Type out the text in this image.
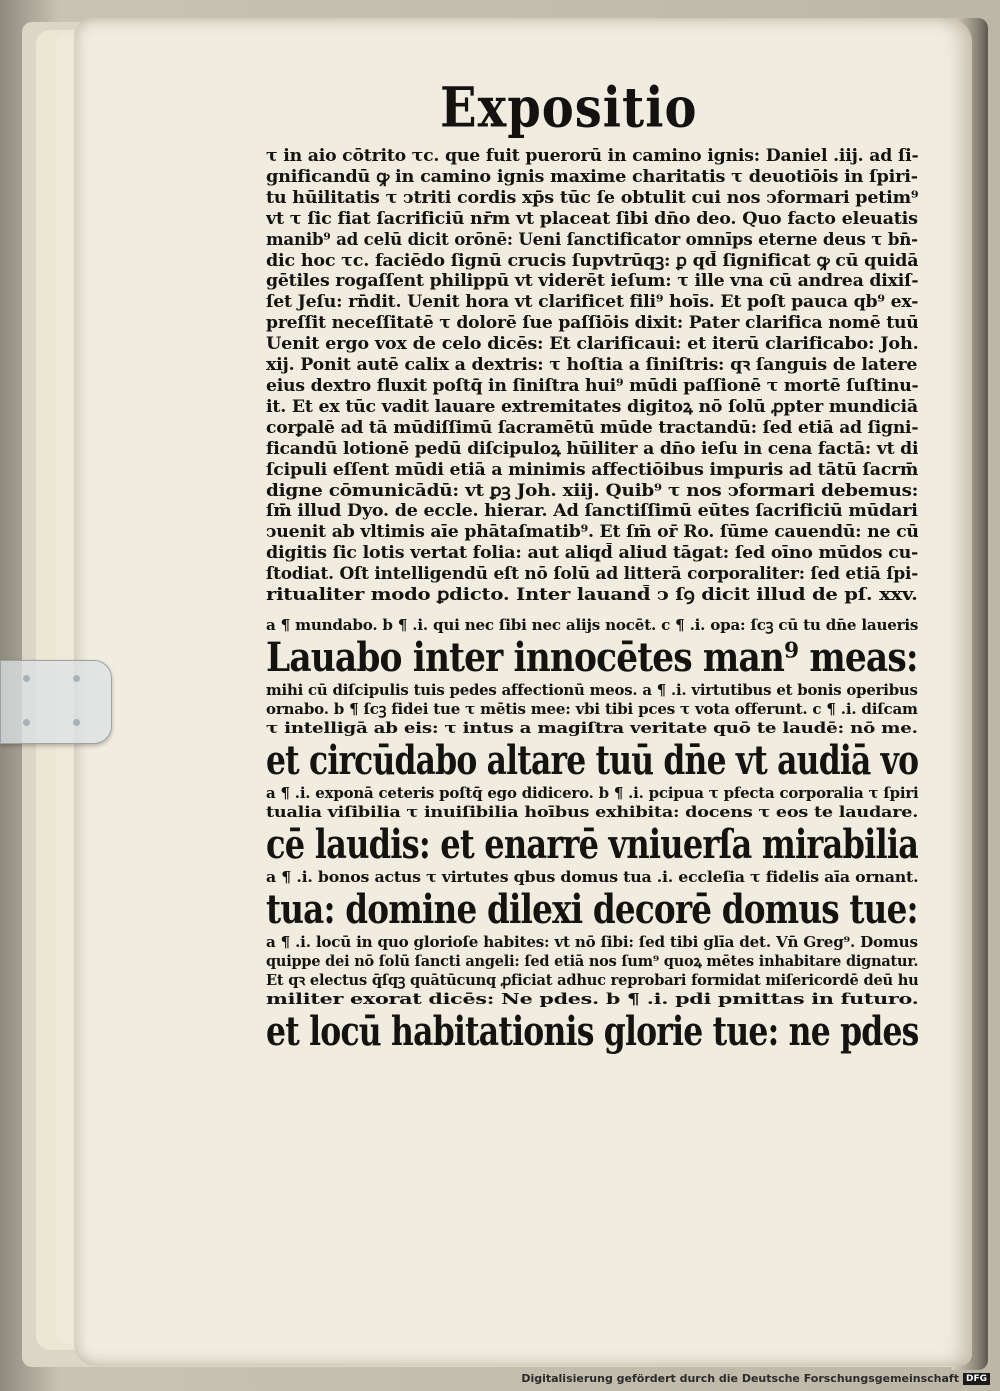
Expositio
τ in aio cōtrito τc. que fuit puerorū in camino ignis: Daniel .iij. ad ſi-
gnificandū ꝙ in camino ignis maxime charitatis τ deuotiōis in ſpiri-
tu hūilitatis τ ↄtriti cordis xp̄s tūc ſe obtulit cui nos ↄformari petim⁹
vt τ ſic fiat ſacrificiū nr̄m vt placeat ſibi dn̄o deo. Quo facto eleuatis
manib⁹ ad celū dicit orōnē: Ueni ſanctificator omnīps eterne deus τ bn̄-
dic hoc τc. faciēdo ſignū crucis ſupvtrūqꝫ: ꝑ qd̄ ſignificat ꝙ cū quidā
gētiles rogaſſent philippū vt viderēt ieſum: τ ille vna cū andrea dixiſ-
ſet Jeſu: rn̄dit. Uenit hora vt clarificet fili⁹ hoīs. Et poſt pauca qb⁹ ex-
preſſit neceſſitatē τ dolorē ſue paſſiōis dixit: Pater clarifica nomē tuū
Uenit ergo vox de celo dicēs: Et clarificaui: et iterū clarificabo: Joh.
xij. Ponit autē calix a dextris: τ hoſtia a ſiniſtris: qꝛ ſanguis de latere
eius dextro fluxit poſtq̄ in ſiniſtra hui⁹ mūdi paſſionē τ mortē ſuſtinu-
it. Et ex tūc vadit lauare extremitates digitoꝝ nō ſolū ꝓpter mundiciā
corꝑalē ad tā mūdiſſimū ſacramētū mūde tractandū: ſed etiā ad ſigni-
ficandū lotionē pedū diſcipuloꝝ hūiliter a dn̄o ieſu in cena factā: vt di
ſcipuli eſſent mūdi etiā a minimis affectiōibus impuris ad tātū ſacrm̄
digne cōmunicādū: vt ꝑꝫ Joh. xiij. Quib⁹ τ nos ↄformari debemus:
ſm̄ illud Dyo. de eccle. hierar. Ad ſanctiſſimū eūtes ſacrificiū mūdari
ↄuenit ab vltimis aīe phātaſmatib⁹. Et ſm̄ or̄ Ro. ſūme cauendū: ne cū
digitis ſic lotis vertat folia: aut aliqd̄ aliud tāgat: ſed oīno mūdos cu-
ſtodiat. Oſt intelligendū eſt nō ſolū ad litterā corporaliter: ſed etiā ſpi-
ritualiter modo ꝑdicto. Inter lauand̄ ↄ ſꝯ dicit illud de pſ. xxv.
a ¶ mundabo. b ¶ .i. qui nec ſibi nec alijs nocēt. c ¶ .i. opa: ſcꝫ cū tu dn̄e laueris
Lauabo inter innocētes man⁹ meas:
mihi cū diſcipulis tuis pedes affectionū meos. a ¶ .i. virtutibus et bonis operibus
ornabo. b ¶ ſcꝫ fidei tue τ mētis mee: vbi tibi pces τ vota offerunt. c ¶ .i. diſcam
τ intelligā ab eis: τ intus a magiſtra veritate quō te laudē: nō me.
et circūdabo altare tuū dn̄e vt audiā vo
a ¶ .i. exponā ceteris poſtq̄ ego didicero. b ¶ .i. pcipua τ pfecta corporalia τ ſpiri
tualia viſibilia τ inuiſibilia hoībus exhibita: docens τ eos te laudare.
cē laudis: et enarrē vniuerſa mirabilia
a ¶ .i. bonos actus τ virtutes qbus domus tua .i. eccleſia τ fidelis aīa ornant.
tua: domine dilexi decorē domus tue:
a ¶ .i. locū in quo glorioſe habites: vt nō ſibi: ſed tibi glīa det. Vn̄ Greg⁹. Domus
quippe dei nō ſolū ſancti angeli: ſed etiā nos ſum⁹ quoꝝ mētes inhabitare dignatur.
Et qꝛ electus q̄ſqꝫ quātūcunq ꝓficiat adhuc reprobari formidat miſericordē deū hu
militer exorat dicēs: Ne pdes. b ¶ .i. pdi pmittas in futuro.
et locū habitationis glorie tue: ne pdes
Digitalisierung gefördert durch die Deutsche Forschungsgemeinschaft DFG
